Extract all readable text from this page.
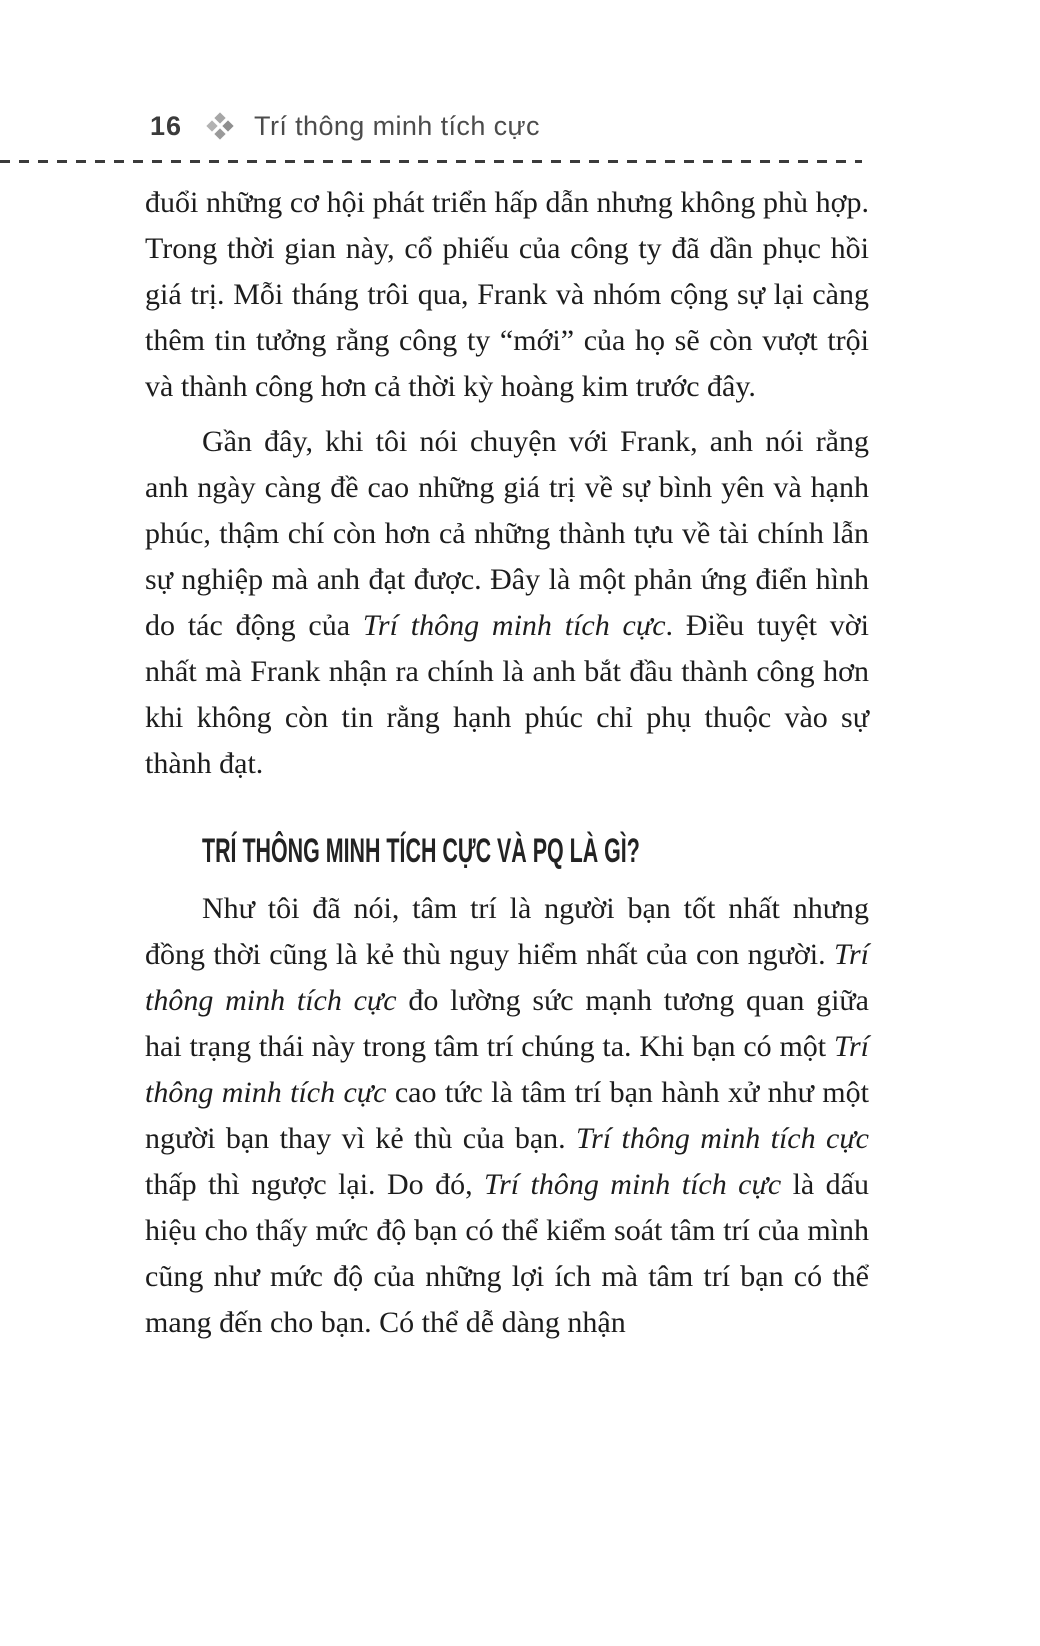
16	Trí thông minh tích cực

đuổi những cơ hội phát triển hấp dẫn nhưng không phù hợp. Trong thời gian này, cổ phiếu của công ty đã dần phục hồi giá trị. Mỗi tháng trôi qua, Frank và nhóm cộng sự lại càng thêm tin tưởng rằng công ty “mới” của họ sẽ còn vượt trội và thành công hơn cả thời kỳ hoàng kim trước đây.

Gần đây, khi tôi nói chuyện với Frank, anh nói rằng anh ngày càng đề cao những giá trị về sự bình yên và hạnh phúc, thậm chí còn hơn cả những thành tựu về tài chính lẫn sự nghiệp mà anh đạt được. Đây là một phản ứng điển hình do tác động của Trí thông minh tích cực. Điều tuyệt vời nhất mà Frank nhận ra chính là anh bắt đầu thành công hơn khi không còn tin rằng hạnh phúc chỉ phụ thuộc vào sự thành đạt.

TRÍ THÔNG MINH TÍCH CỰC VÀ PQ LÀ GÌ?

Như tôi đã nói, tâm trí là người bạn tốt nhất nhưng đồng thời cũng là kẻ thù nguy hiểm nhất của con người. Trí thông minh tích cực đo lường sức mạnh tương quan giữa hai trạng thái này trong tâm trí chúng ta. Khi bạn có một Trí thông minh tích cực cao tức là tâm trí bạn hành xử như một người bạn thay vì kẻ thù của bạn. Trí thông minh tích cực thấp thì ngược lại. Do đó, Trí thông minh tích cực là dấu hiệu cho thấy mức độ bạn có thể kiểm soát tâm trí của mình cũng như mức độ của những lợi ích mà tâm trí bạn có thể mang đến cho bạn. Có thể dễ dàng nhận
